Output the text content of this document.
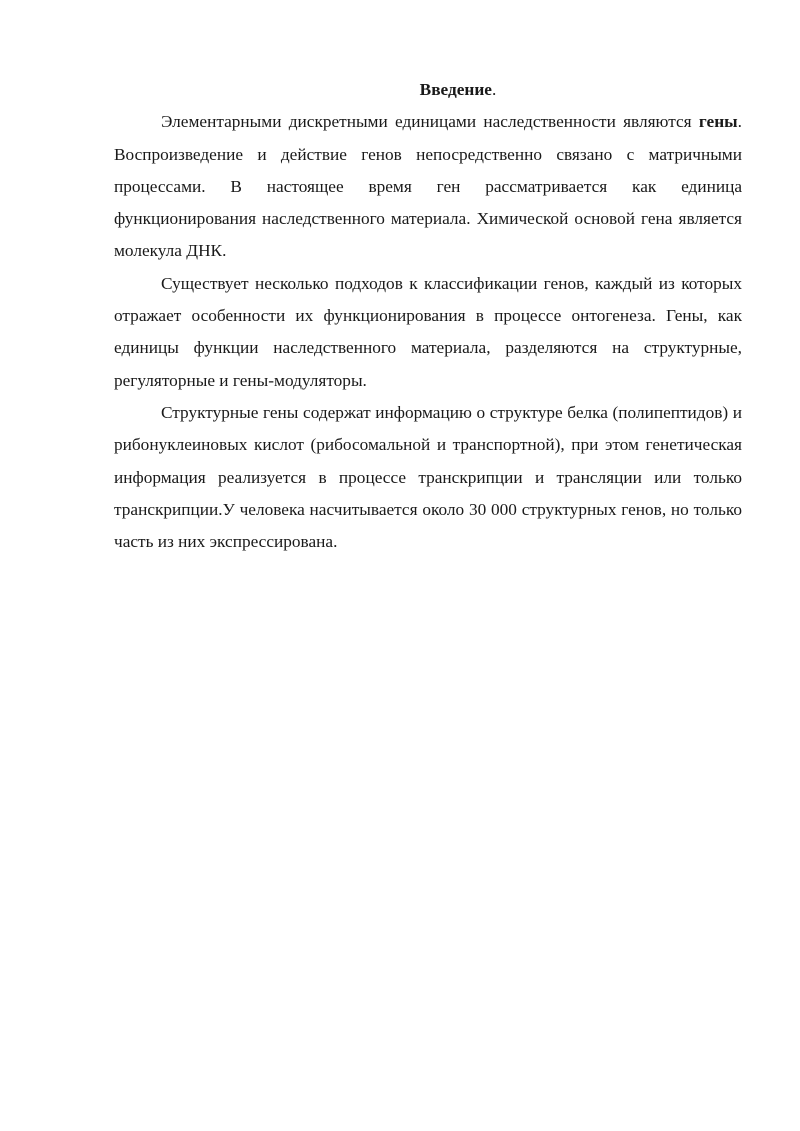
Введение.

Элементарными дискретными единицами наследственности являются гены. Воспроизведение и действие генов непосредственно связано с матричными процессами. В настоящее время ген рассматривается как единица функционирования наследственного материала. Химической основой гена является молекула ДНК.

Существует несколько подходов к классификации генов, каждый из которых отражает особенности их функционирования в процессе онтогенеза. Гены, как единицы функции наследственного материала, разделяются на структурные, регуляторные и гены-модуляторы.

Структурные гены содержат информацию о структуре белка (полипептидов) и рибонуклеиновых кислот (рибосомальной и транспортной), при этом генетическая информация реализуется в процессе транскрипции и трансляции или только транскрипции.У человека насчитывается около 30 000 структурных генов, но только часть из них экспрессирована.
